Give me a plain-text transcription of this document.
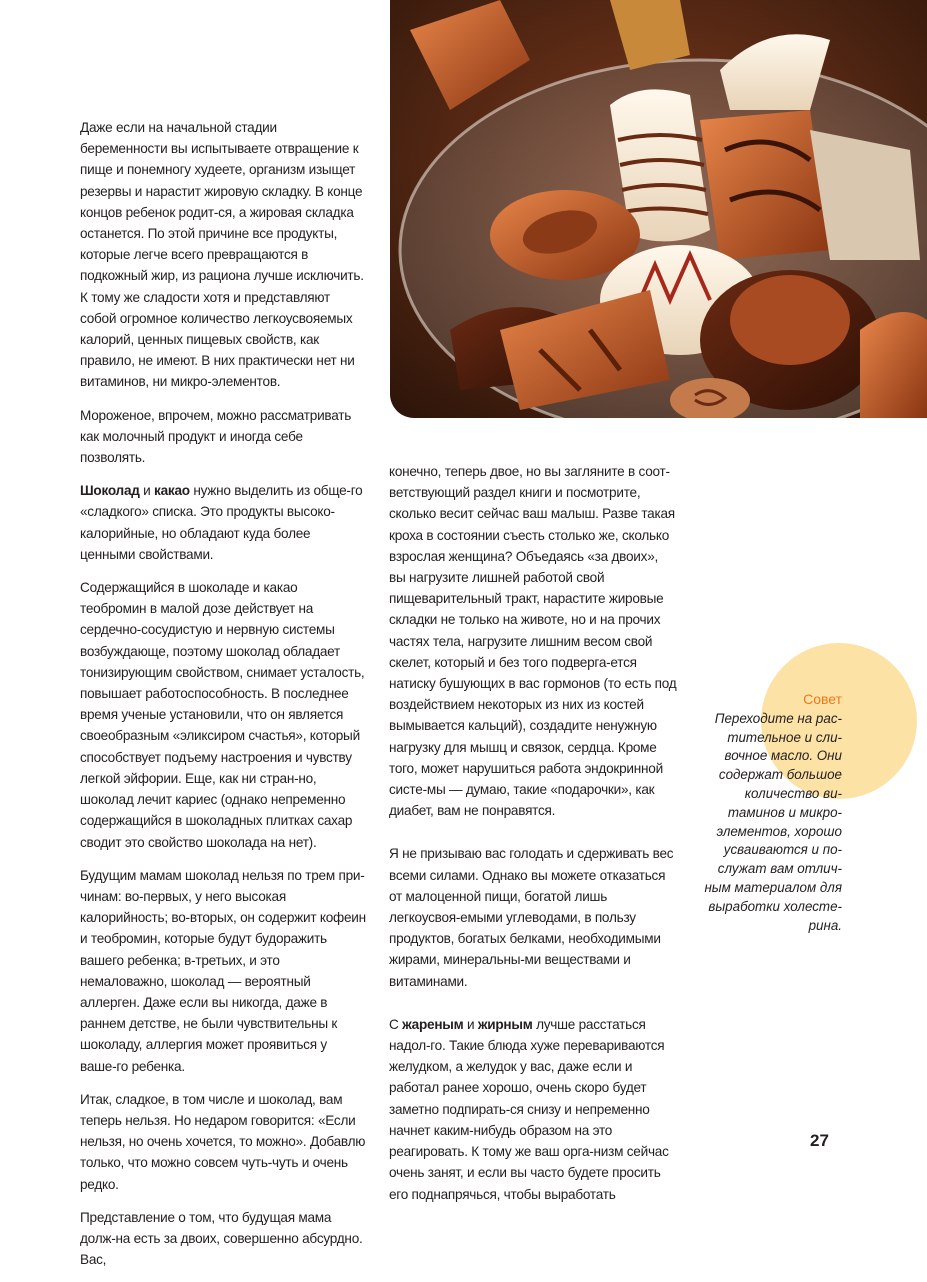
Даже если на начальной стадии беременности вы испытываете отвращение к пище и понемногу худеете, организм изыщет резервы и нарастит жировую складку. В конце концов ребенок родит-ся, а жировая складка останется. По этой причине все продукты, которые легче всего превращаются в подкожный жир, из рациона лучше исключить. К тому же сладости хотя и представляют собой огромное количество легкоусвояемых калорий, ценных пищевых свойств, как правило, не имеют. В них практически нет ни витаминов, ни микро-элементов.

Мороженое, впрочем, можно рассматривать как молочный продукт и иногда себе позволять.

Шоколад и какао нужно выделить из обще-го «сладкого» списка. Это продукты высоко-калорийные, но обладают куда более ценными свойствами.

Содержащийся в шоколаде и какао теобромин в малой дозе действует на сердечно-сосудистую и нервную системы возбуждающе, поэтому шоколад обладает тонизирующим свойством, снимает усталость, повышает работоспособность. В последнее время ученые установили, что он является своеобразным «эликсиром счастья», который способствует подъему настроения и чувству легкой эйфории. Еще, как ни стран-но, шоколад лечит кариес (однако непременно содержащийся в шоколадных плитках сахар сводит это свойство шоколада на нет).

Будущим мамам шоколад нельзя по трем при-чинам: во-первых, у него высокая калорийность; во-вторых, он содержит кофеин и теобромин, которые будут будоражить вашего ребенка; в-третьих, и это немаловажно, шоколад — вероятный аллерген. Даже если вы никогда, даже в раннем детстве, не были чувствительны к шоколаду, аллергия может проявиться у ваше-го ребенка.

Итак, сладкое, в том числе и шоколад, вам теперь нельзя. Но недаром говорится: «Если нельзя, но очень хочется, то можно». Добавлю только, что можно совсем чуть-чуть и очень редко.

Представление о том, что будущая мама долж-на есть за двоих, совершенно абсурдно. Вас,

конечно, теперь двое, но вы загляните в соот-ветствующий раздел книги и посмотрите, сколько весит сейчас ваш малыш. Разве такая кроха в состоянии съесть столько же, сколько взрослая женщина? Объедаясь «за двоих», вы нагрузите лишней работой свой пищеварительный тракт, нарастите жировые складки не только на животе, но и на прочих частях тела, нагрузите лишним весом свой скелет, который и без того подверга-ется натиску бушующих в вас гормонов (то есть под воздействием некоторых из них из костей вымывается кальций), создадите ненужную нагрузку для мышц и связок, сердца. Кроме того, может нарушиться работа эндокринной систе-мы — думаю, такие «подарочки», как диабет, вам не понравятся.

Я не призываю вас голодать и сдерживать вес всеми силами. Однако вы можете отказаться от малоценной пищи, богатой лишь легкоусвоя-емыми углеводами, в пользу продуктов, богатых белками, необходимыми жирами, минеральны-ми веществами и витаминами.

С жареным и жирным лучше расстаться надол-го. Такие блюда хуже перевариваются желудком, а желудок у вас, даже если и работал ранее хорошо, очень скоро будет заметно подпирать-ся снизу и непременно начнет каким-нибудь образом на это реагировать. К тому же ваш орга-низм сейчас очень занят, и если вы часто будете просить его поднапрячься, чтобы выработать

Совет
Переходите на рас-тительное и сли-вочное масло. Они содержат большое количество ви-таминов и микро-элементов, хорошо усваиваются и по-служат вам отлич-ным материалом для выработки холесте-рина.
27
